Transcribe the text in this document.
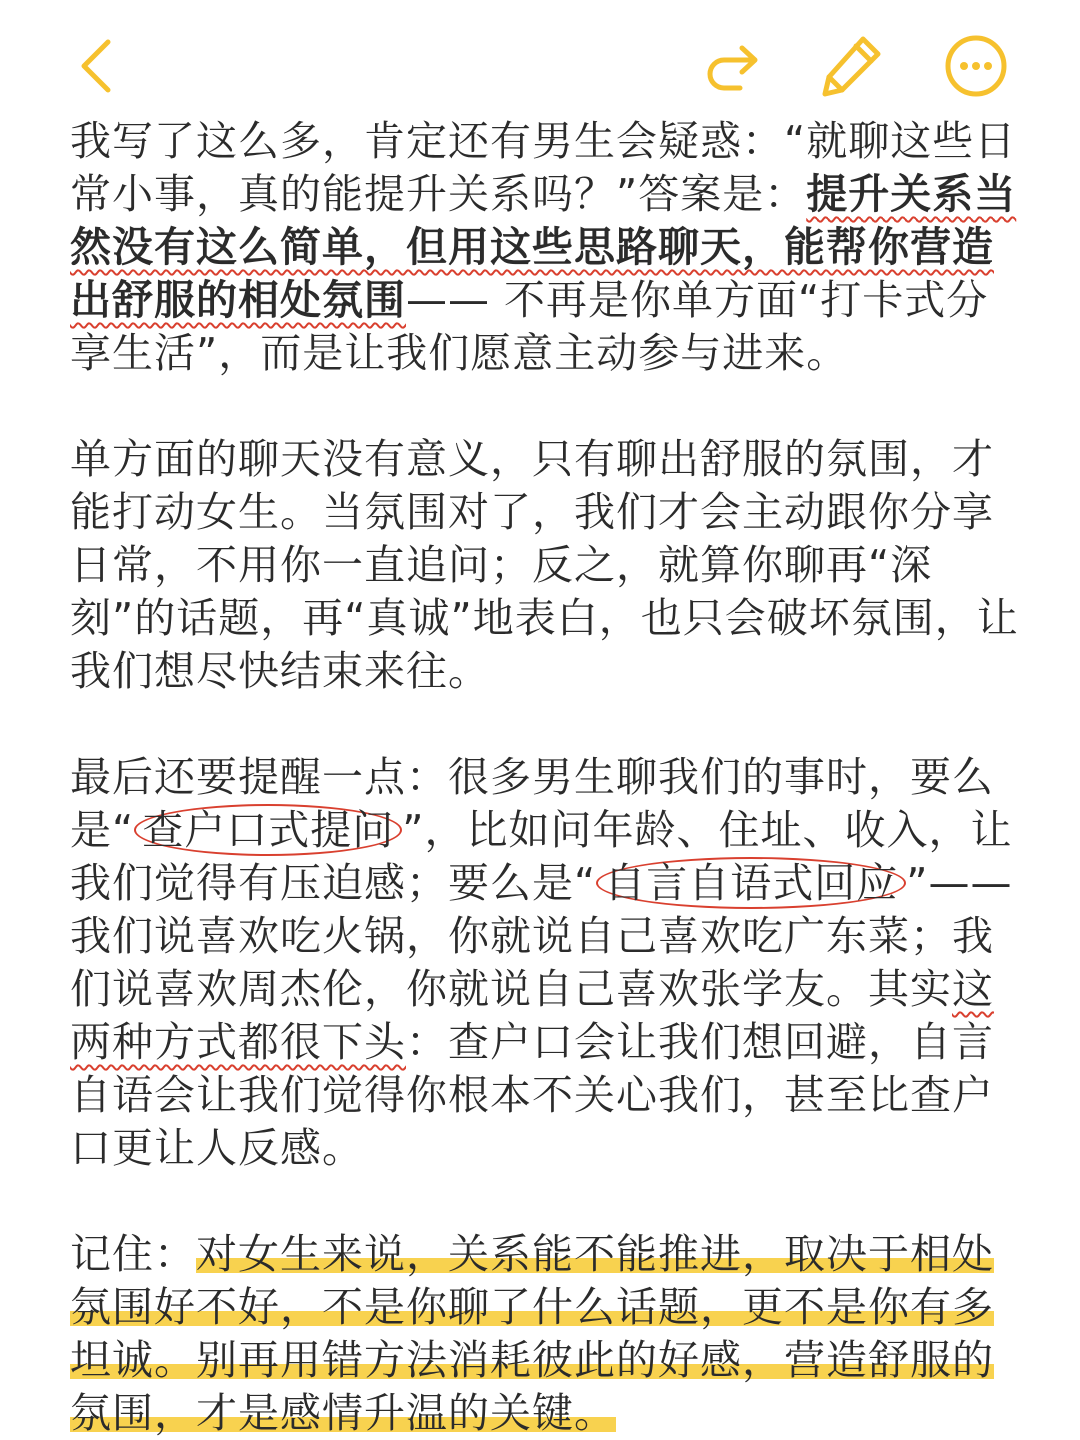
我写了这么多，肯定还有男生会疑惑：“就聊这些日常小事，真的能提升关系吗？”答案是：提升关系当然没有这么简单，但用这些思路聊天，能帮你营造出舒服的相处氛围—— 不再是你单方面“打卡式分享生活”，而是让我们愿意主动参与进来。

单方面的聊天没有意义，只有聊出舒服的氛围，才能打动女生。当氛围对了，我们才会主动跟你分享日常，不用你一直追问；反之，就算你聊再“深刻”的话题，再“真诚”地表白，也只会破坏氛围，让我们想尽快结束来往。

最后还要提醒一点：很多男生聊我们的事时，要么是“ 查户口式提问 ”，比如问年龄、住址、收入，让我们觉得有压迫感；要么是“ 自言自语式回应 ”—— 我们说喜欢吃火锅，你就说自己喜欢吃广东菜；我们说喜欢周杰伦，你就说自己喜欢张学友。其实这两种方式都很下头：查户口会让我们想回避，自言自语会让我们觉得你根本不关心我们，甚至比查户口更让人反感。

记住：对女生来说，关系能不能推进，取决于相处氛围好不好，不是你聊了什么话题，更不是你有多坦诚。别再用错方法消耗彼此的好感，营造舒服的氛围，才是感情升温的关键。
